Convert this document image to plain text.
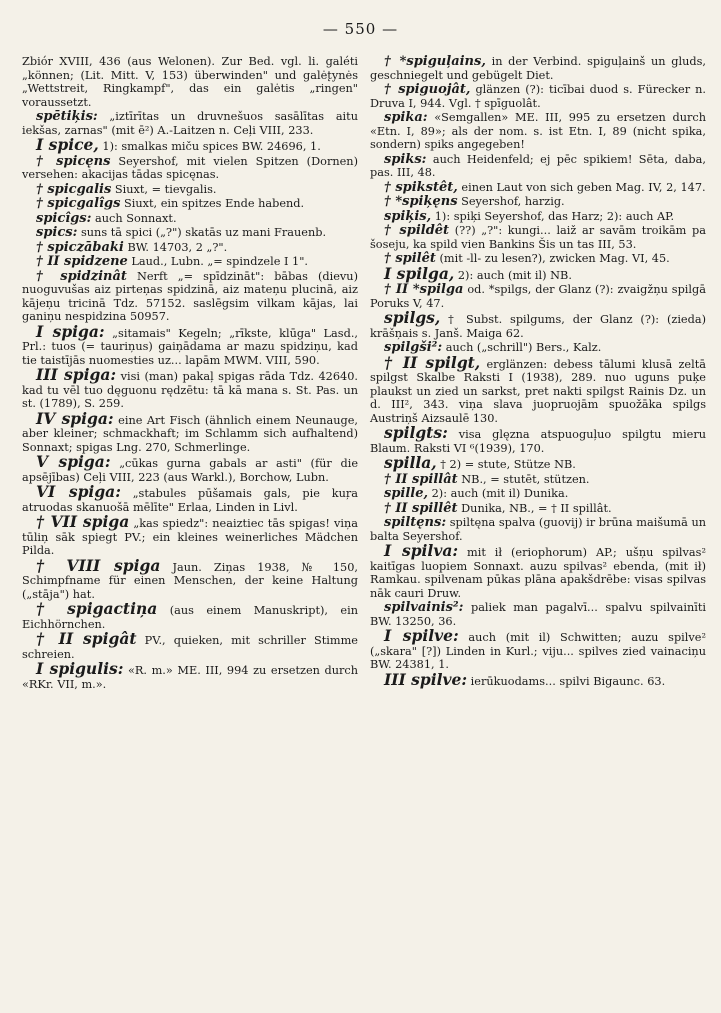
— 550 —

Zbiór XVIII, 436 (aus Welonen). Zur Bed. vgl. li. galéti „können; (Lit. Mitt. V, 153) überwinden" und galėt̨ynės „Wettstreit, Ringkampf", das ein galėtis „ringen" voraussetzt.

spētiķis: „iztīrītas un druvnešuos sasālītas aitu iekšas, zarnas" (mit ē²) A.-Laitzen n. Ceļi VIII, 233.

I spice, 1): smalkas miču spices BW. 24696, 1.

† spicęns Seyershof, mit vielen Spitzen (Dornen) versehen: akacijas tādas spicęnas.

† spicgalis Siuxt, = tievgalis.

† spicgalîgs Siuxt, ein spitzes Ende habend.

spicîgs: auch Sonnaxt.

spics: suns tā spici („?") skatās uz mani Frauenb.

† spiczābaki BW. 14703, 2 „?".

† II spidzene Laud., Lubn. „= spindzele I 1".

† spidzinât Nerft „= spīdzināt": bābas (dievu) nuoguvušas aiz pirteņas spidzinā, aiz mateņu plucinā, aiz kājeņu tricinā Tdz. 57152. saslēgsim vilkam kājas, lai ganiņu nespidzina 50957.

I spiga: „sitamais" Kegeln; „rīkste, klūga" Lasd., Prl.: tuos (= tauriņus) gaiņādama ar mazu spidziņu, kad tie taistījās nuomesties uz... lapām MWM. VIII, 590.

III spiga: visi (man) pakaļ spigas rāda Tdz. 42640. kad tu vēl tuo dęguonu rędzētu: tā kā mana s. St. Pas. un st. (1789), S. 259.

IV spiga: eine Art Fisch (ähnlich einem Neunauge, aber kleiner; schmackhaft; im Schlamm sich aufhaltend) Sonnaxt; spigas Lng. 270, Schmerlinge.

V spiga: „cūkas gurna gabals ar asti" (für die apsējības) Ceļi VIII, 223 (aus Warkl.), Borchow, Lubn.

VI spiga: „stabules pūšamais gals, pie kuŗa atruodas skanuošā mēlīte" Erlaa, Linden in Livl.

† VII spiga „kas spiedz": neaiztiec tās spigas! viņa tūliņ sāk spiegt PV.; ein kleines weinerliches Mädchen Pilda.

† VIII spiga Jaun. Ziņas 1938, № 150, Schimpfname für einen Menschen, der keine Haltung („stāja") hat.

† spigactiņa (aus einem Manuskript), ein Eichhörnchen.

† II spigât PV., quieken, mit schriller Stimme schreien.

I spigulis: «R. m.» ME. III, 994 zu ersetzen durch «RKr. VII, m.».

† *spiguļains, in der Verbind. spiguļainš un gluds, geschniegelt und gebügelt Diet.

† spiguojât, glänzen (?): ticībai duod s. Fürecker n. Druva I, 944. Vgl. † spīguolât.

spika: «Semgallen» ME. III, 995 zu ersetzen durch «Etn. I, 89»; als der nom. s. ist Etn. I, 89 (nicht spika, sondern) spiks angegeben!

spiks: auch Heidenfeld; ej pēc spikiem! Sēta, daba, pas. III, 48.

† spikstêt, einen Laut von sich geben Mag. IV, 2, 147.

† *spiķęns Seyershof, harzig.

spiķis, 1): spiķi Seyershof, das Harz; 2): auch AP.

† spildêt (??) „?": kungi... laiž ar savām troikām pa šoseju, ka spild vien Bankins Šis un tas III, 53.

† spilêt (mit -ll- zu lesen?), zwicken Mag. VI, 45.

I spilga, 2): auch (mit il) NB.

† II *spilga od. *spilgs, der Glanz (?): zvaigžņu spilgā Poruks V, 47.

spilgs, † Subst. spilgums, der Glanz (?): (zieda) krāšņais s. Janš. Maiga 62.

spilgši²: auch („schrill") Bers., Kalz.

† II spilgt, erglänzen: debess tālumi klusā zeltā spilgst Skalbe Raksti I (1938), 289. nuo uguns puķe plaukst un zied un sarkst, pret nakti spilgst Rainis Dz. un d. III², 343. viņa slava juopruojām spuožāka spilgs Austriņš Aizsaulē 130.

spilgts: visa glęzna atspuoguļuo spilgtu mieru Blaum. Raksti VI ⁶(1939), 170.

spilla, † 2) = stute, Stütze NB.

† II spillât NB., = stutēt, stützen.

spille, 2): auch (mit il) Dunika.

† II spillêt Dunika, NB., = † II spillât.

spiltęns: spiltęna spalva (guovij) ir brūna maišumā un balta Seyershof.

I spilva: mit ił (eriophorum) AP.; ušņu spilvas² kaitīgas luopiem Sonnaxt. auzu spilvas² ebenda, (mit ił) Ramkau. spilvenam pūkas plāna apakšdrēbe: visas spilvas nāk cauri Druw.

spilvainis²: paliek man pagalvī... spalvu spilvainīti BW. 13250, 36.

I spilve: auch (mit il) Schwitten; auzu spilve² („skara" [?]) Linden in Kurl.; viju... spilves zied vainaciņu BW. 24381, 1.

III spilve: ierūkuodams... spilvi Bigaunc. 63.
